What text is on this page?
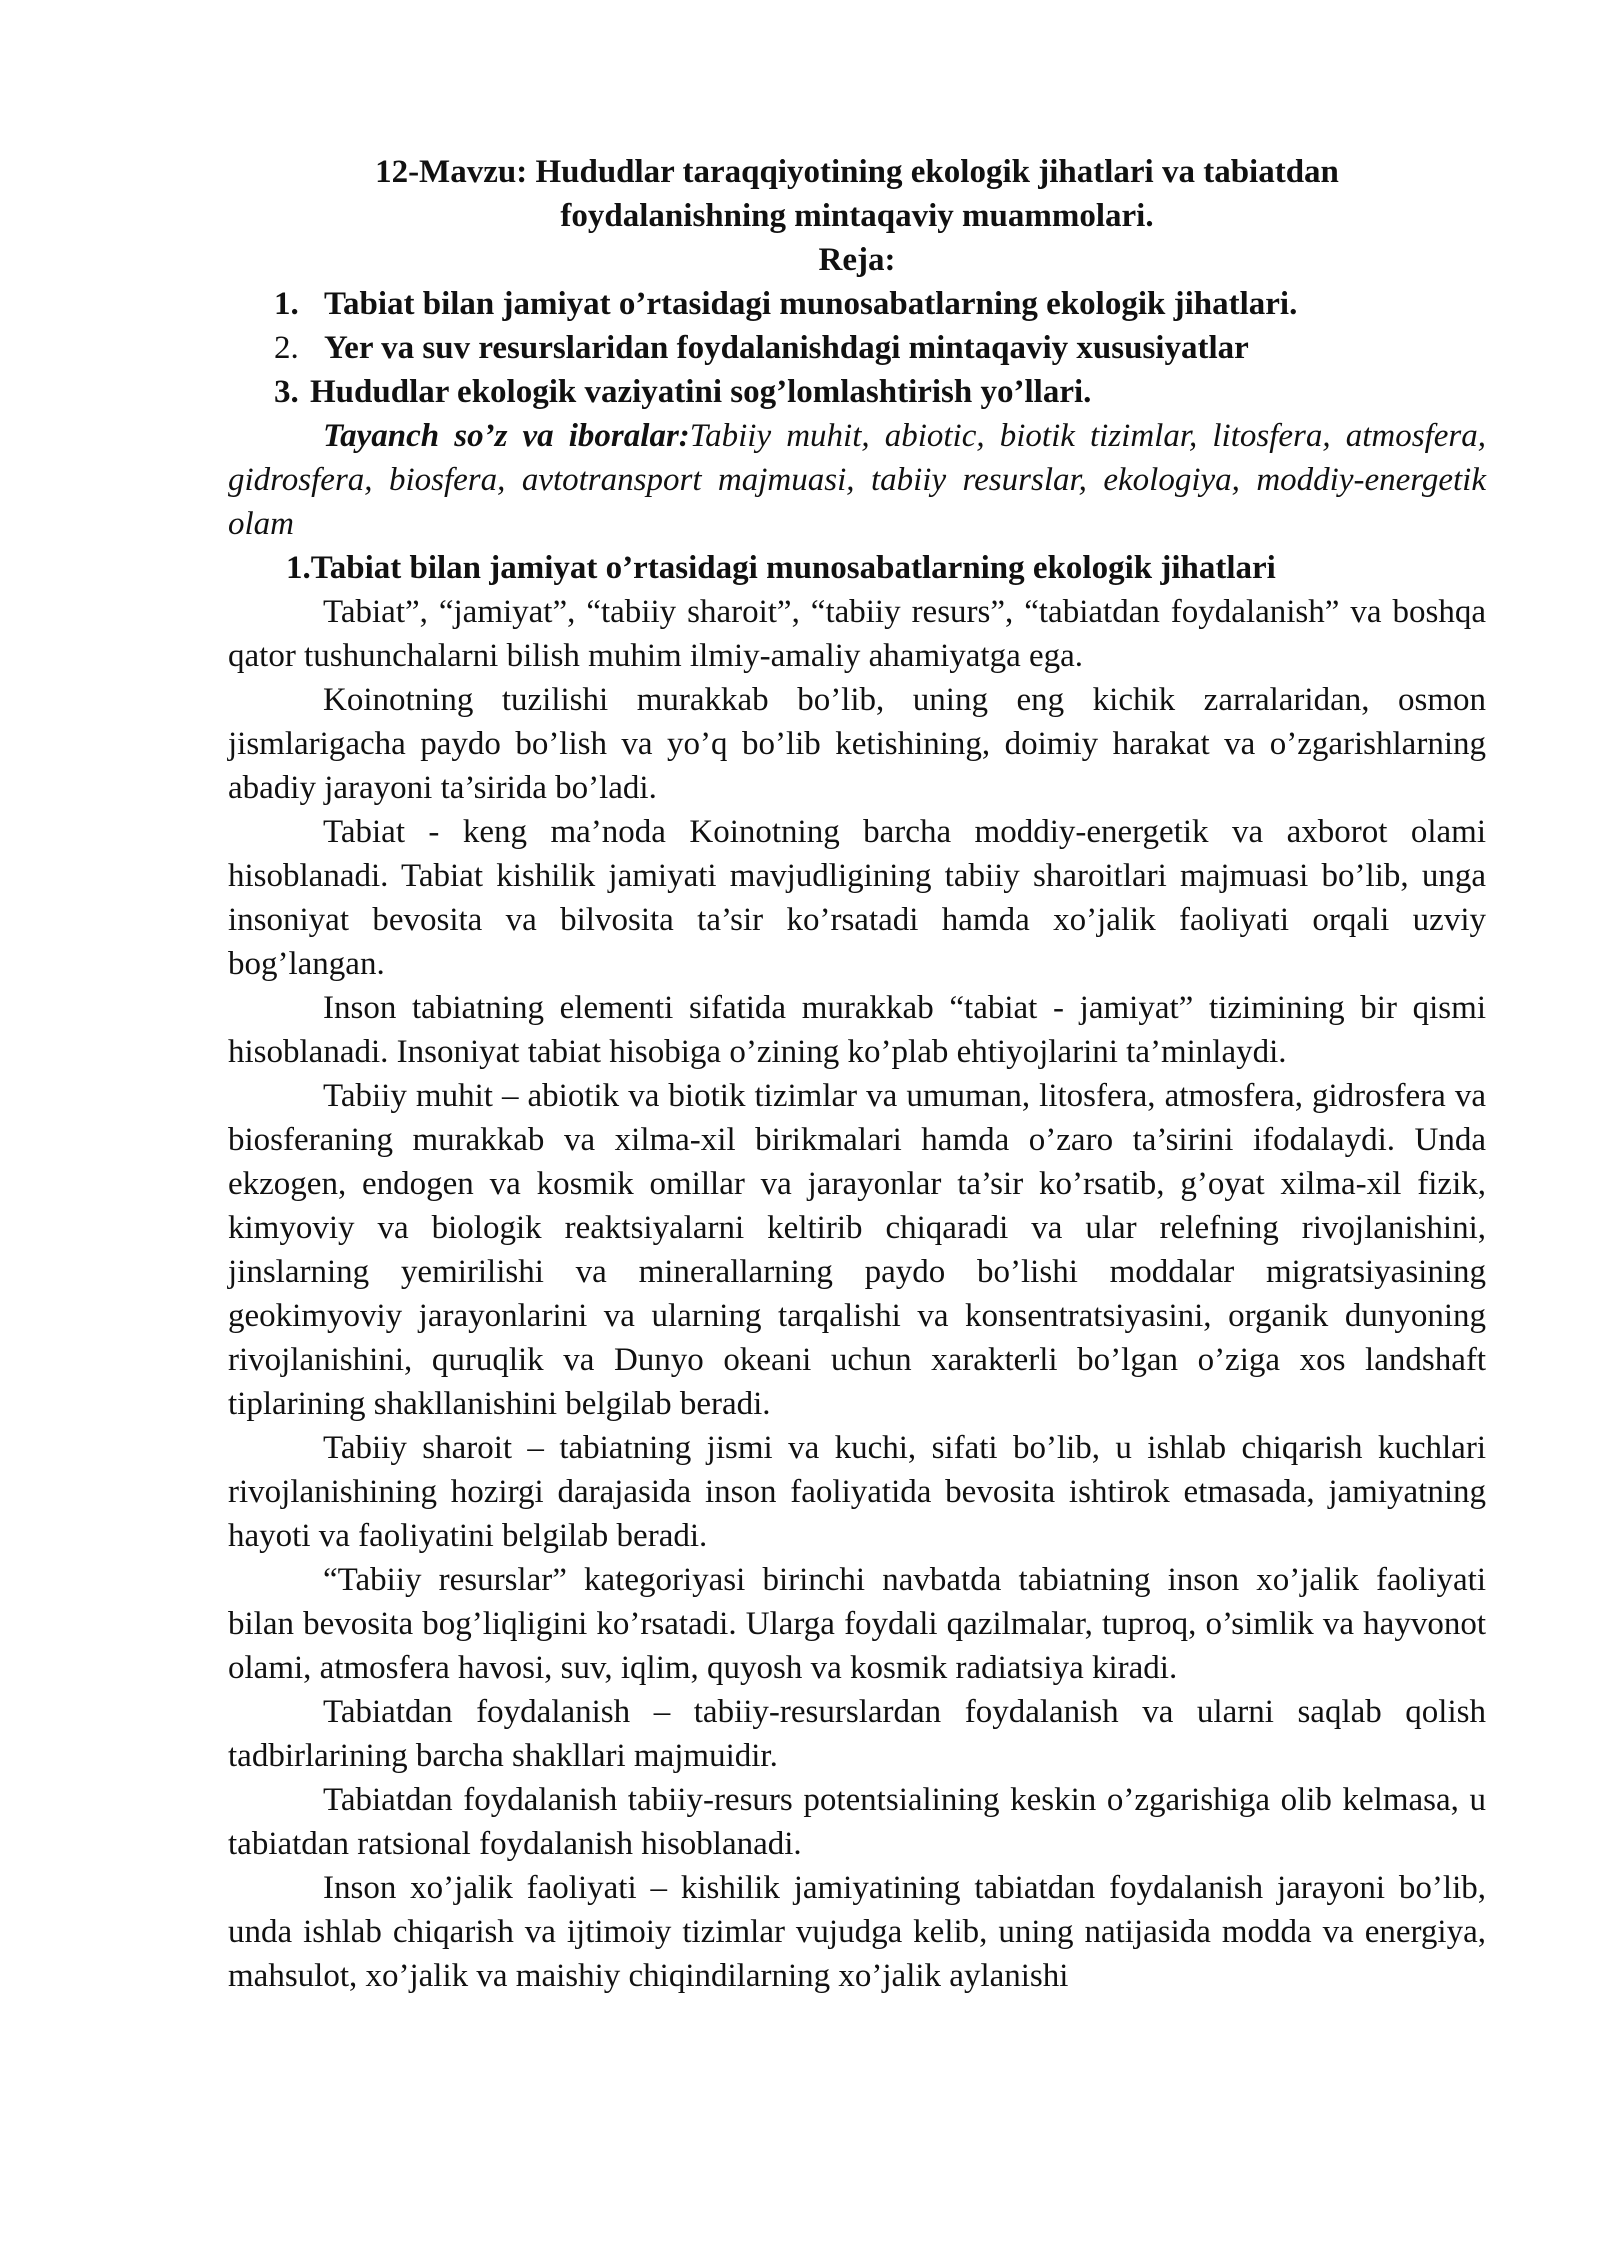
12-Mavzu: Hududlar taraqqiyotining ekologik jihatlari va tabiatdan foydalanishning mintaqaviy muammolari.
Reja:
1. Tabiat bilan jamiyat o’rtasidagi munosabatlarning ekologik jihatlari.
2. Yer va suv resurslaridan foydalanishdagi mintaqaviy xususiyatlar
3. Hududlar ekologik vaziyatini sog’lomlashtirish yo’llari.

Tayanch so’z va iboralar:Tabiiy muhit, abiotic, biotik tizimlar, litosfera, atmosfera, gidrosfera, biosfera, avtotransport majmuasi, tabiiy resurslar, ekologiya, moddiy-energetik olam

1.Tabiat bilan jamiyat o’rtasidagi munosabatlarning ekologik jihatlari

Tabiat”, “jamiyat”, “tabiiy sharoit”, “tabiiy resurs”, “tabiatdan foydalanish” va boshqa qator tushunchalarni bilish muhim ilmiy-amaliy ahamiyatga ega.

Koinotning tuzilishi murakkab bo’lib, uning eng kichik zarralaridan, osmon jismlarigacha paydo bo’lish va yo’q bo’lib ketishining, doimiy harakat va o’zgarishlarning abadiy jarayoni ta’sirida bo’ladi.

Tabiat - keng ma’noda Koinotning barcha moddiy-energetik va axborot olami hisoblanadi. Tabiat kishilik jamiyati mavjudligining tabiiy sharoitlari majmuasi bo’lib, unga insoniyat bevosita va bilvosita ta’sir ko’rsatadi hamda xo’jalik faoliyati orqali uzviy bog’langan.

Inson tabiatning elementi sifatida murakkab “tabiat - jamiyat” tizimining bir qismi hisoblanadi. Insoniyat tabiat hisobiga o’zining ko’plab ehtiyojlarini ta’minlaydi.

Tabiiy muhit – abiotik va biotik tizimlar va umuman, litosfera, atmosfera, gidrosfera va biosferaning murakkab va xilma-xil birikmalari hamda o’zaro ta’sirini ifodalaydi. Unda ekzogen, endogen va kosmik omillar va jarayonlar ta’sir ko’rsatib, g’oyat xilma-xil fizik, kimyoviy va biologik reaktsiyalarni keltirib chiqaradi va ular relefning rivojlanishini, jinslarning yemirilishi va minerallarning paydo bo’lishi moddalar migratsiyasining geokimyoviy jarayonlarini va ularning tarqalishi va konsentratsiyasini, organik dunyoning rivojlanishini, quruqlik va Dunyo okeani uchun xarakterli bo’lgan o’ziga xos landshaft tiplarining shakllanishini belgilab beradi.

Tabiiy sharoit – tabiatning jismi va kuchi, sifati bo’lib, u ishlab chiqarish kuchlari rivojlanishining hozirgi darajasida inson faoliyatida bevosita ishtirok etmasada, jamiyatning hayoti va faoliyatini belgilab beradi.

“Tabiiy resurslar” kategoriyasi birinchi navbatda tabiatning inson xo’jalik faoliyati bilan bevosita bog’liqligini ko’rsatadi. Ularga foydali qazilmalar, tuproq, o’simlik va hayvonot olami, atmosfera havosi, suv, iqlim, quyosh va kosmik radiatsiya kiradi.

Tabiatdan foydalanish – tabiiy-resurslardan foydalanish va ularni saqlab qolish tadbirlarining barcha shakllari majmuidir.

Tabiatdan foydalanish tabiiy-resurs potentsialining keskin o’zgarishiga olib kelmasa, u tabiatdan ratsional foydalanish hisoblanadi.

Inson xo’jalik faoliyati – kishilik jamiyatining tabiatdan foydalanish jarayoni bo’lib, unda ishlab chiqarish va ijtimoiy tizimlar vujudga kelib, uning natijasida modda va energiya, mahsulot, xo’jalik va maishiy chiqindilarning xo’jalik aylanishi
